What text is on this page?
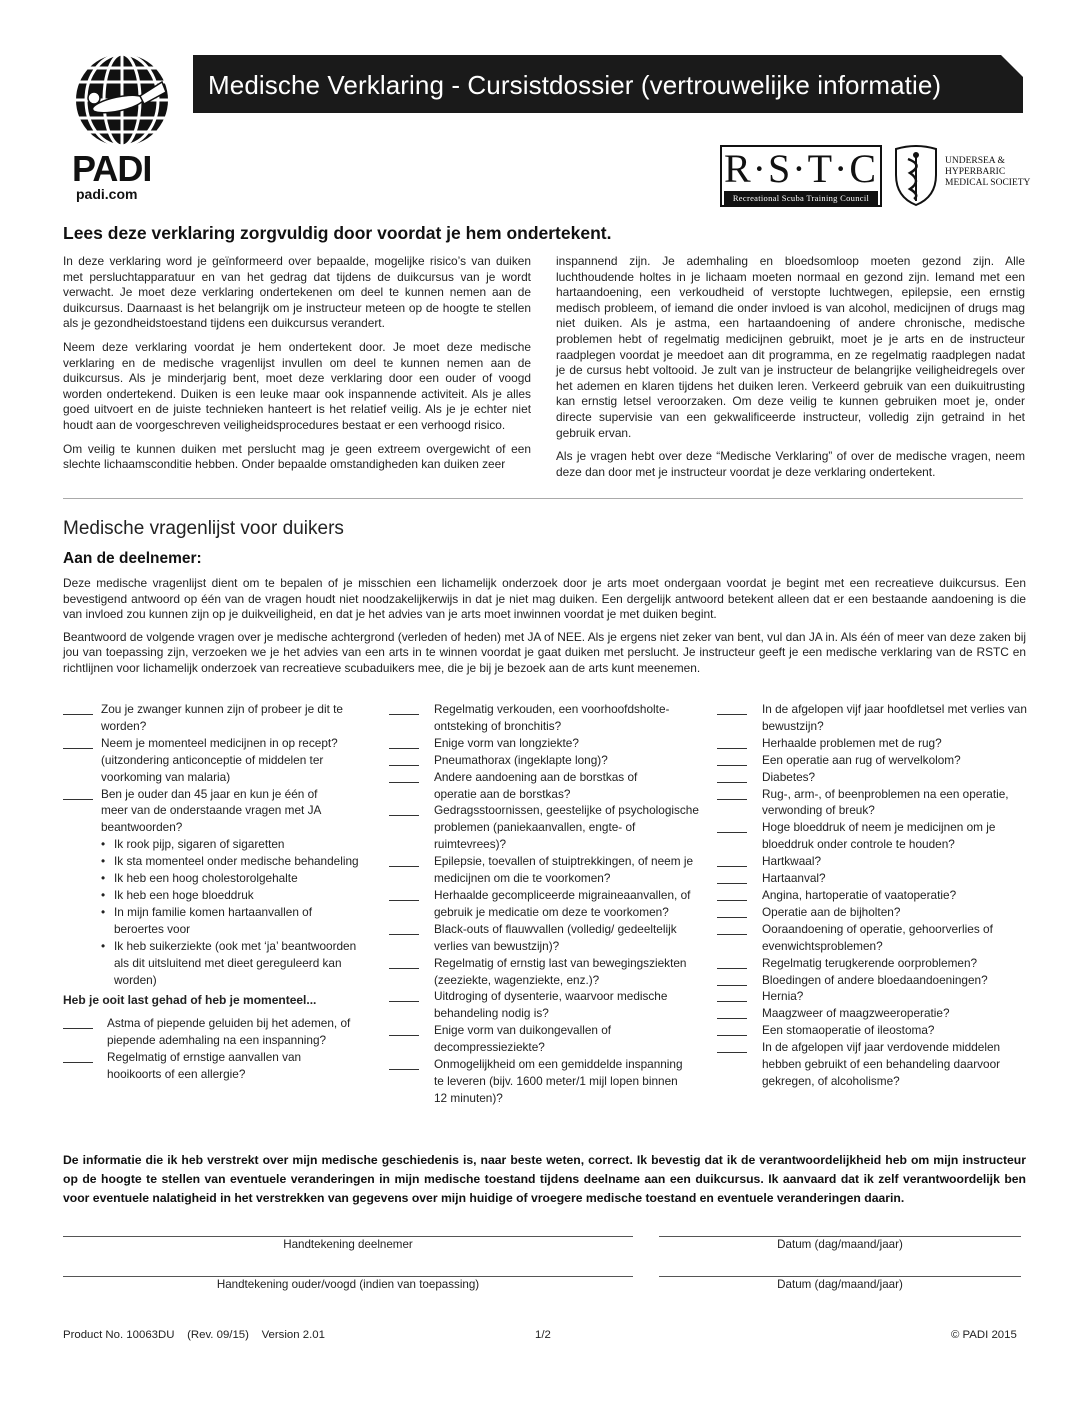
PADI
padi.com
Medische Verklaring - Cursistdossier (vertrouwelijke informatie)
R·S·T·C
Recreational Scuba Training Council
UNDERSEA &
HYPERBARIC
MEDICAL SOCIETY
Lees deze verklaring zorgvuldig door voordat je hem ondertekent.

In deze verklaring word je geïnformeerd over bepaalde, mogelijke risico’s van duiken met persluchtapparatuur en van het gedrag dat tijdens de duikcursus van je wordt verwacht. Je moet deze verklaring ondertekenen om deel te kunnen nemen aan de duikcursus. Daarnaast is het belangrijk om je instructeur meteen op de hoogte te stellen als je gezondheidstoestand tijdens een duikcursus verandert.

Neem deze verklaring voordat je hem ondertekent door. Je moet deze medische verklaring en de medische vragenlijst invullen om deel te kunnen nemen aan de duikcursus. Als je minderjarig bent, moet deze verklaring door een ouder of voogd worden ondertekend. Duiken is een leuke maar ook inspannende activiteit. Als je alles goed uitvoert en de juiste technieken hanteert is het relatief veilig. Als je je echter niet houdt aan de voorgeschreven veiligheidsprocedures bestaat er een verhoogd risico.

Om veilig te kunnen duiken met perslucht mag je geen extreem overgewicht of een slechte lichaamsconditie hebben. Onder bepaalde omstandigheden kan duiken zeer

inspannend zijn. Je ademhaling en bloedsomloop moeten gezond zijn. Alle luchthoudende holtes in je lichaam moeten normaal en gezond zijn. Iemand met een hartaandoening, een verkoudheid of verstopte luchtwegen, epilepsie, een ernstig medisch probleem, of iemand die onder invloed is van alcohol, medicijnen of drugs mag niet duiken. Als je astma, een hartaandoening of andere chronische, medische problemen hebt of regelmatig medicijnen gebruikt, moet je je arts en de instructeur raadplegen voordat je meedoet aan dit programma, en ze regelmatig raadplegen nadat je de cursus hebt voltooid. Je zult van je instructeur de belangrijke veiligheidregels over het ademen en klaren tijdens het duiken leren. Verkeerd gebruik van een duikuitrusting kan ernstig letsel veroorzaken. Om deze veilig te kunnen gebruiken moet je, onder directe supervisie van een gekwalificeerde instructeur, volledig zijn getraind in het gebruik ervan.

Als je vragen hebt over deze “Medische Verklaring” of over de medische vragen, neem deze dan door met je instructeur voordat je deze verklaring ondertekent.

Medische vragenlijst voor duikers
Aan de deelnemer:

Deze medische vragenlijst dient om te bepalen of je misschien een lichamelijk onderzoek door je arts moet ondergaan voordat je begint met een recreatieve duikcursus. Een bevestigend antwoord op één van de vragen houdt niet noodzakelijkerwijs in dat je niet mag duiken. Een dergelijk antwoord betekent alleen dat er een bestaande aandoening is die van invloed zou kunnen zijn op je duikveiligheid, en dat je het advies van je arts moet inwinnen voordat je met duiken begint.

Beantwoord de volgende vragen over je medische achtergrond (verleden of heden) met JA of NEE. Als je ergens niet zeker van bent, vul dan JA in. Als één of meer van deze zaken bij jou van toepassing zijn, verzoeken we je het advies van een arts in te winnen voordat je gaat duiken met perslucht. Je instructeur geeft je een medische verklaring van de RSTC en richtlijnen voor lichamelijk onderzoek van recreatieve scubaduikers mee, die je bij je bezoek aan de arts kunt meenemen.

Zou je zwanger kunnen zijn of probeer je dit te worden?
Neem je momenteel medicijnen in op recept? (uitzondering anticonceptie of middelen ter voorkoming van malaria)
Ben je ouder dan 45 jaar en kun je één of meer van de onderstaande vragen met JA beantwoorden?
• Ik rook pijp, sigaren of sigaretten
• Ik sta momenteel onder medische behandeling
• Ik heb een hoog cholestorolgehalte
• Ik heb een hoge bloeddruk
• In mijn familie komen hartaanvallen of beroertes voor
• Ik heb suikerziekte (ook met ‘ja’ beantwoorden als dit uitsluitend met dieet gereguleerd kan worden)
Heb je ooit last gehad of heb je momenteel...
Astma of piepende geluiden bij het ademen, of piepende ademhaling na een inspanning?
Regelmatig of ernstige aanvallen van hooikoorts of een allergie?
Regelmatig verkouden, een voorhoofdsholte-ontsteking of bronchitis?
Enige vorm van longziekte?
Pneumathorax (ingeklapte long)?
Andere aandoening aan de borstkas of operatie aan de borstkas?
Gedragsstoornissen, geestelijke of psychologische problemen (paniekaanvallen, engte- of ruimtevrees)?
Epilepsie, toevallen of stuiptrekkingen, of neem je medicijnen om die te voorkomen?
Herhaalde gecompliceerde migraineaanvallen, of gebruik je medicatie om deze te voorkomen?
Black-outs of flauwvallen (volledig/ gedeeltelijk verlies van bewustzijn)?
Regelmatig of ernstig last van bewegingsziekten (zeeziekte, wagenziekte, enz.)?
Uitdroging of dysenterie, waarvoor medische behandeling nodig is?
Enige vorm van duikongevallen of decompressieziekte?
Onmogelijkheid om een gemiddelde inspanning te leveren (bijv. 1600 meter/1 mijl lopen binnen 12 minuten)?
In de afgelopen vijf jaar hoofdletsel met verlies van bewustzijn?
Herhaalde problemen met de rug?
Een operatie aan rug of wervelkolom?
Diabetes?
Rug-, arm-, of beenproblemen na een operatie, verwonding of breuk?
Hoge bloeddruk of neem je medicijnen om je bloeddruk onder controle te houden?
Hartkwaal?
Hartaanval?
Angina, hartoperatie of vaatoperatie?
Operatie aan de bijholten?
Ooraandoening of operatie, gehoorverlies of evenwichtsproblemen?
Regelmatig terugkerende oorproblemen?
Bloedingen of andere bloedaandoeningen?
Hernia?
Maagzweer of maagzweeroperatie?
Een stomaoperatie of ileostoma?
In de afgelopen vijf jaar verdovende middelen hebben gebruikt of een behandeling daarvoor gekregen, of alcoholisme?
De informatie die ik heb verstrekt over mijn medische geschiedenis is, naar beste weten, correct. Ik bevestig dat ik de verantwoordelijkheid heb om mijn instructeur op de hoogte te stellen van eventuele veranderingen in mijn medische toestand tijdens deelname aan een duikcursus. Ik aanvaard dat ik zelf verantwoordelijk ben voor eventuele nalatigheid in het verstrekken van gegevens over mijn huidige of vroegere medische toestand en eventuele veranderingen daarin.
Handtekening deelnemer	Datum (dag/maand/jaar)
Handtekening ouder/voogd (indien van toepassing)	Datum (dag/maand/jaar)
Product No. 10063DU    (Rev. 09/15)    Version 2.01	1/2	© PADI 2015
